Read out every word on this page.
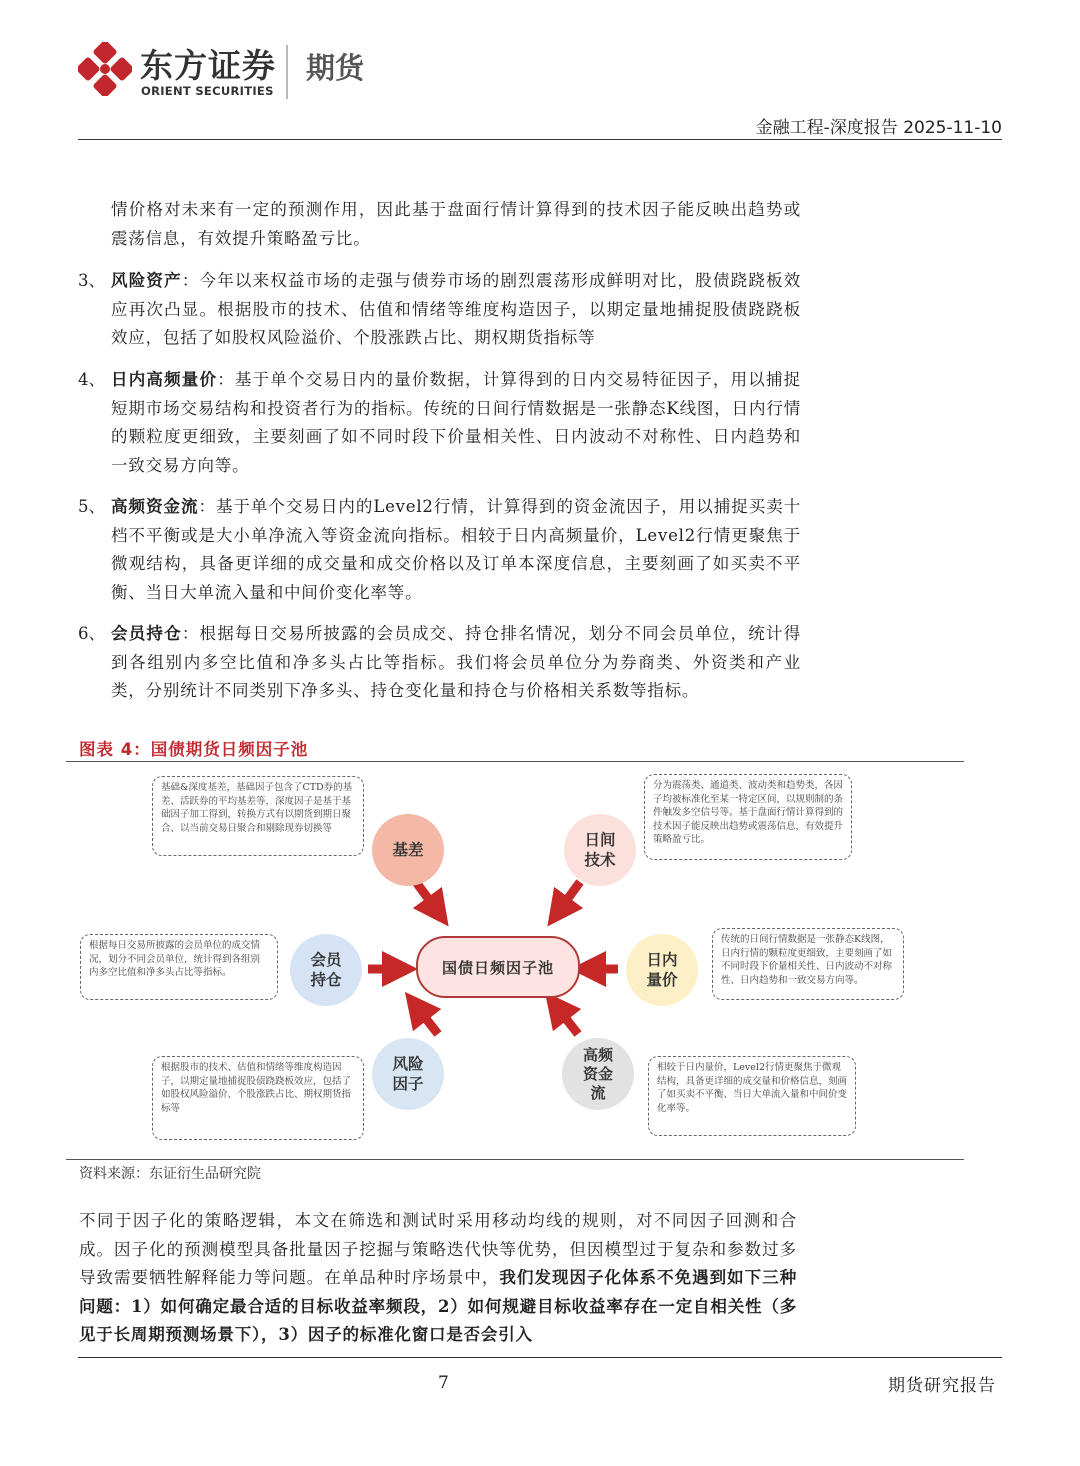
东方证券
ORIENT SECURITIES
期货
金融工程-深度报告 2025-11-10
情价格对未来有一定的预测作用，因此基于盘面行情计算得到的技术因子能反映出趋势或震荡信息，有效提升策略盈亏比。
3、 风险资产：今年以来权益市场的走强与债券市场的剧烈震荡形成鲜明对比，股债跷跷板效应再次凸显。根据股市的技术、估值和情绪等维度构造因子，以期定量地捕捉股债跷跷板效应，包括了如股权风险溢价、个股涨跌占比、期权期货指标等
4、 日内高频量价：基于单个交易日内的量价数据，计算得到的日内交易特征因子，用以捕捉短期市场交易结构和投资者行为的指标。传统的日间行情数据是一张静态K线图，日内行情的颗粒度更细致，主要刻画了如不同时段下价量相关性、日内波动不对称性、日内趋势和一致交易方向等。
5、 高频资金流：基于单个交易日内的Level2行情，计算得到的资金流因子，用以捕捉买卖十档不平衡或是大小单净流入等资金流向指标。相较于日内高频量价，Level2行情更聚焦于微观结构，具备更详细的成交量和成交价格以及订单本深度信息，主要刻画了如买卖不平衡、当日大单流入量和中间价变化率等。
6、 会员持仓：根据每日交易所披露的会员成交、持仓排名情况，划分不同会员单位，统计得到各组别内多空比值和净多头占比等指标。我们将会员单位分为券商类、外资类和产业类，分别统计不同类别下净多头、持仓变化量和持仓与价格相关系数等指标。
图表 4：国债期货日频因子池
基础&深度基差，基础因子包含了CTD券的基差、活跃券的平均基差等，深度因子是基于基础因子加工得到，转换方式有以期货到期日聚合、以当前交易日聚合和剔除现券切换等
分为震荡类、通道类、波动类和趋势类，各因子均被标准化至某一特定区间，以规则制的条件触发多空信号等。基于盘面行情计算得到的技术因子能反映出趋势或震荡信息，有效提升策略盈亏比。
根据每日交易所披露的会员单位的成交情况，划分不同会员单位，统计得到各组别内多空比值和净多头占比等指标。
传统的日间行情数据是一张静态K线图，日内行情的颗粒度更细致，主要刻画了如不同时段下价量相关性、日内波动不对称性、日内趋势和一致交易方向等。
根据股市的技术、估值和情绪等维度构造因子，以期定量地捕捉股债跷跷板效应，包括了如股权风险溢价、个股涨跌占比、期权期货指标等
相较于日内量价，Level2行情更聚焦于微观结构，具备更详细的成交量和价格信息，刻画了如买卖不平衡、当日大单流入量和中间价变化率等。
基差
日间技术
会员持仓
日内量价
风险因子
高频资金流
国债日频因子池
资料来源：东证衍生品研究院
不同于因子化的策略逻辑，本文在筛选和测试时采用移动均线的规则，对不同因子回测和合成。因子化的预测模型具备批量因子挖掘与策略迭代快等优势，但因模型过于复杂和参数过多导致需要牺牲解释能力等问题。在单品种时序场景中，我们发现因子化体系不免遇到如下三种问题：1）如何确定最合适的目标收益率频段，2）如何规避目标收益率存在一定自相关性（多见于长周期预测场景下），3）因子的标准化窗口是否会引入
7	期货研究报告
